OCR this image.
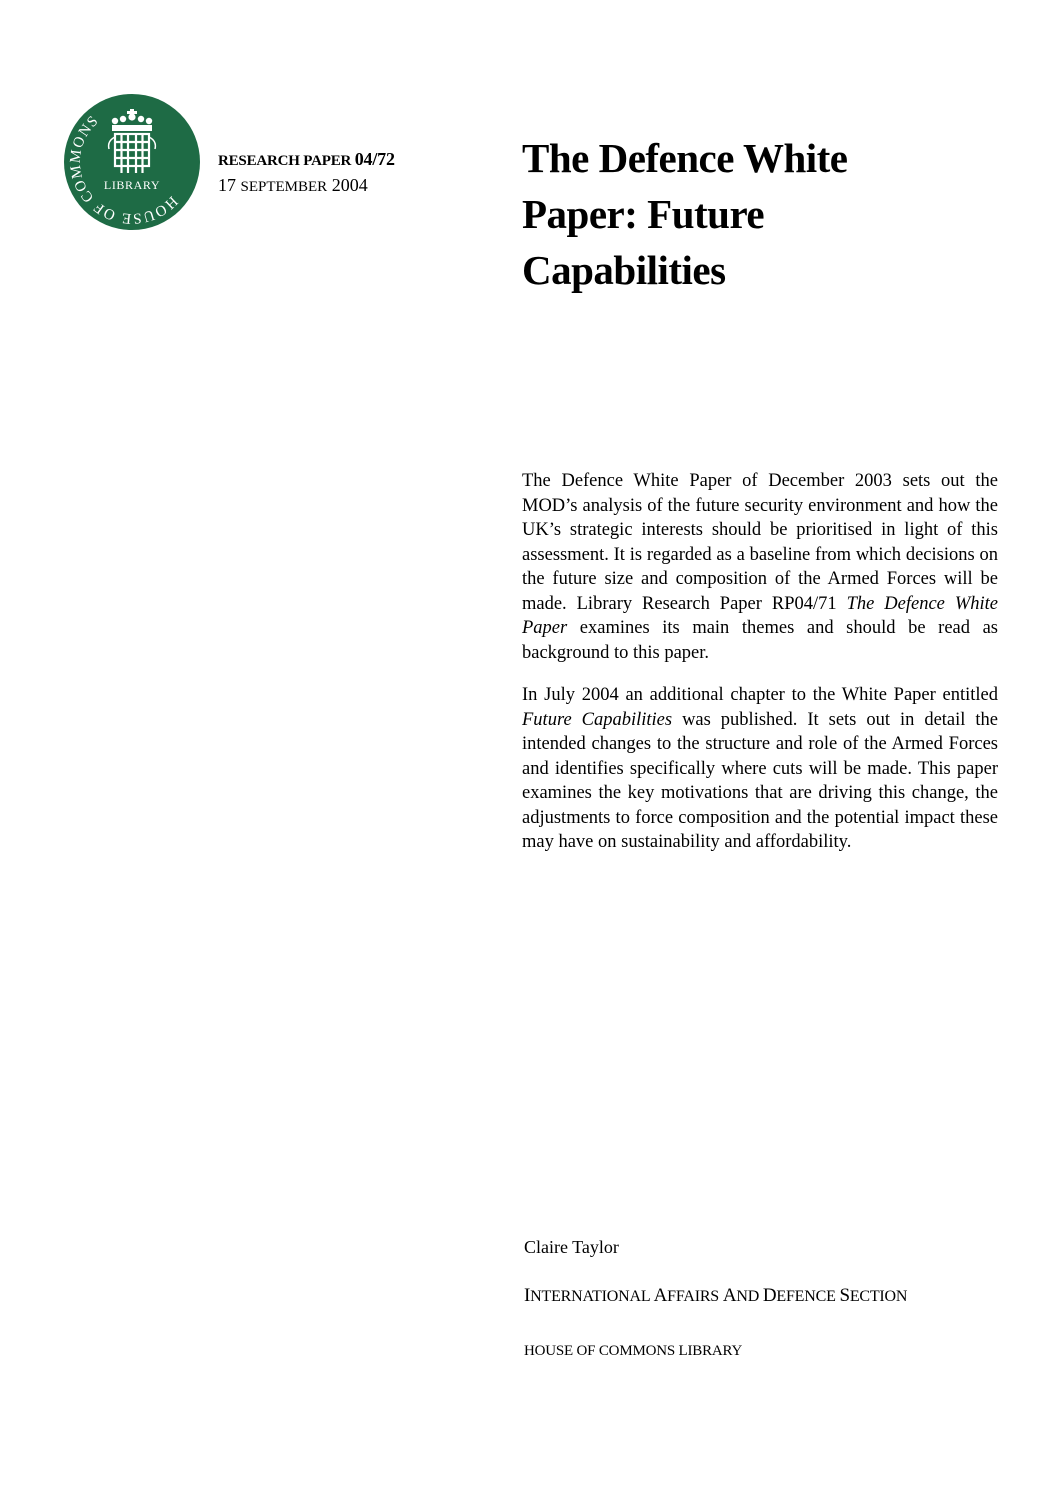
HOUSE OF COMMONS
LIBRARY
RESEARCH PAPER 04/72
17 SEPTEMBER 2004
The Defence White
Paper: Future
Capabilities

The Defence White Paper of December 2003 sets out the MOD’s analysis of the future security environment and how the UK’s strategic interests should be prioritised in light of this assessment. It is regarded as a baseline from which decisions on the future size and composition of the Armed Forces will be made. Library Research Paper RP04/71 The Defence White Paper examines its main themes and should be read as background to this paper.

In July 2004 an additional chapter to the White Paper entitled Future Capabilities was published. It sets out in detail the intended changes to the structure and role of the Armed Forces and identifies specifically where cuts will be made. This paper examines the key motivations that are driving this change, the adjustments to force composition and the potential impact these may have on sustainability and affordability.

Claire Taylor
INTERNATIONAL AFFAIRS AND DEFENCE SECTION
HOUSE OF COMMONS LIBRARY
